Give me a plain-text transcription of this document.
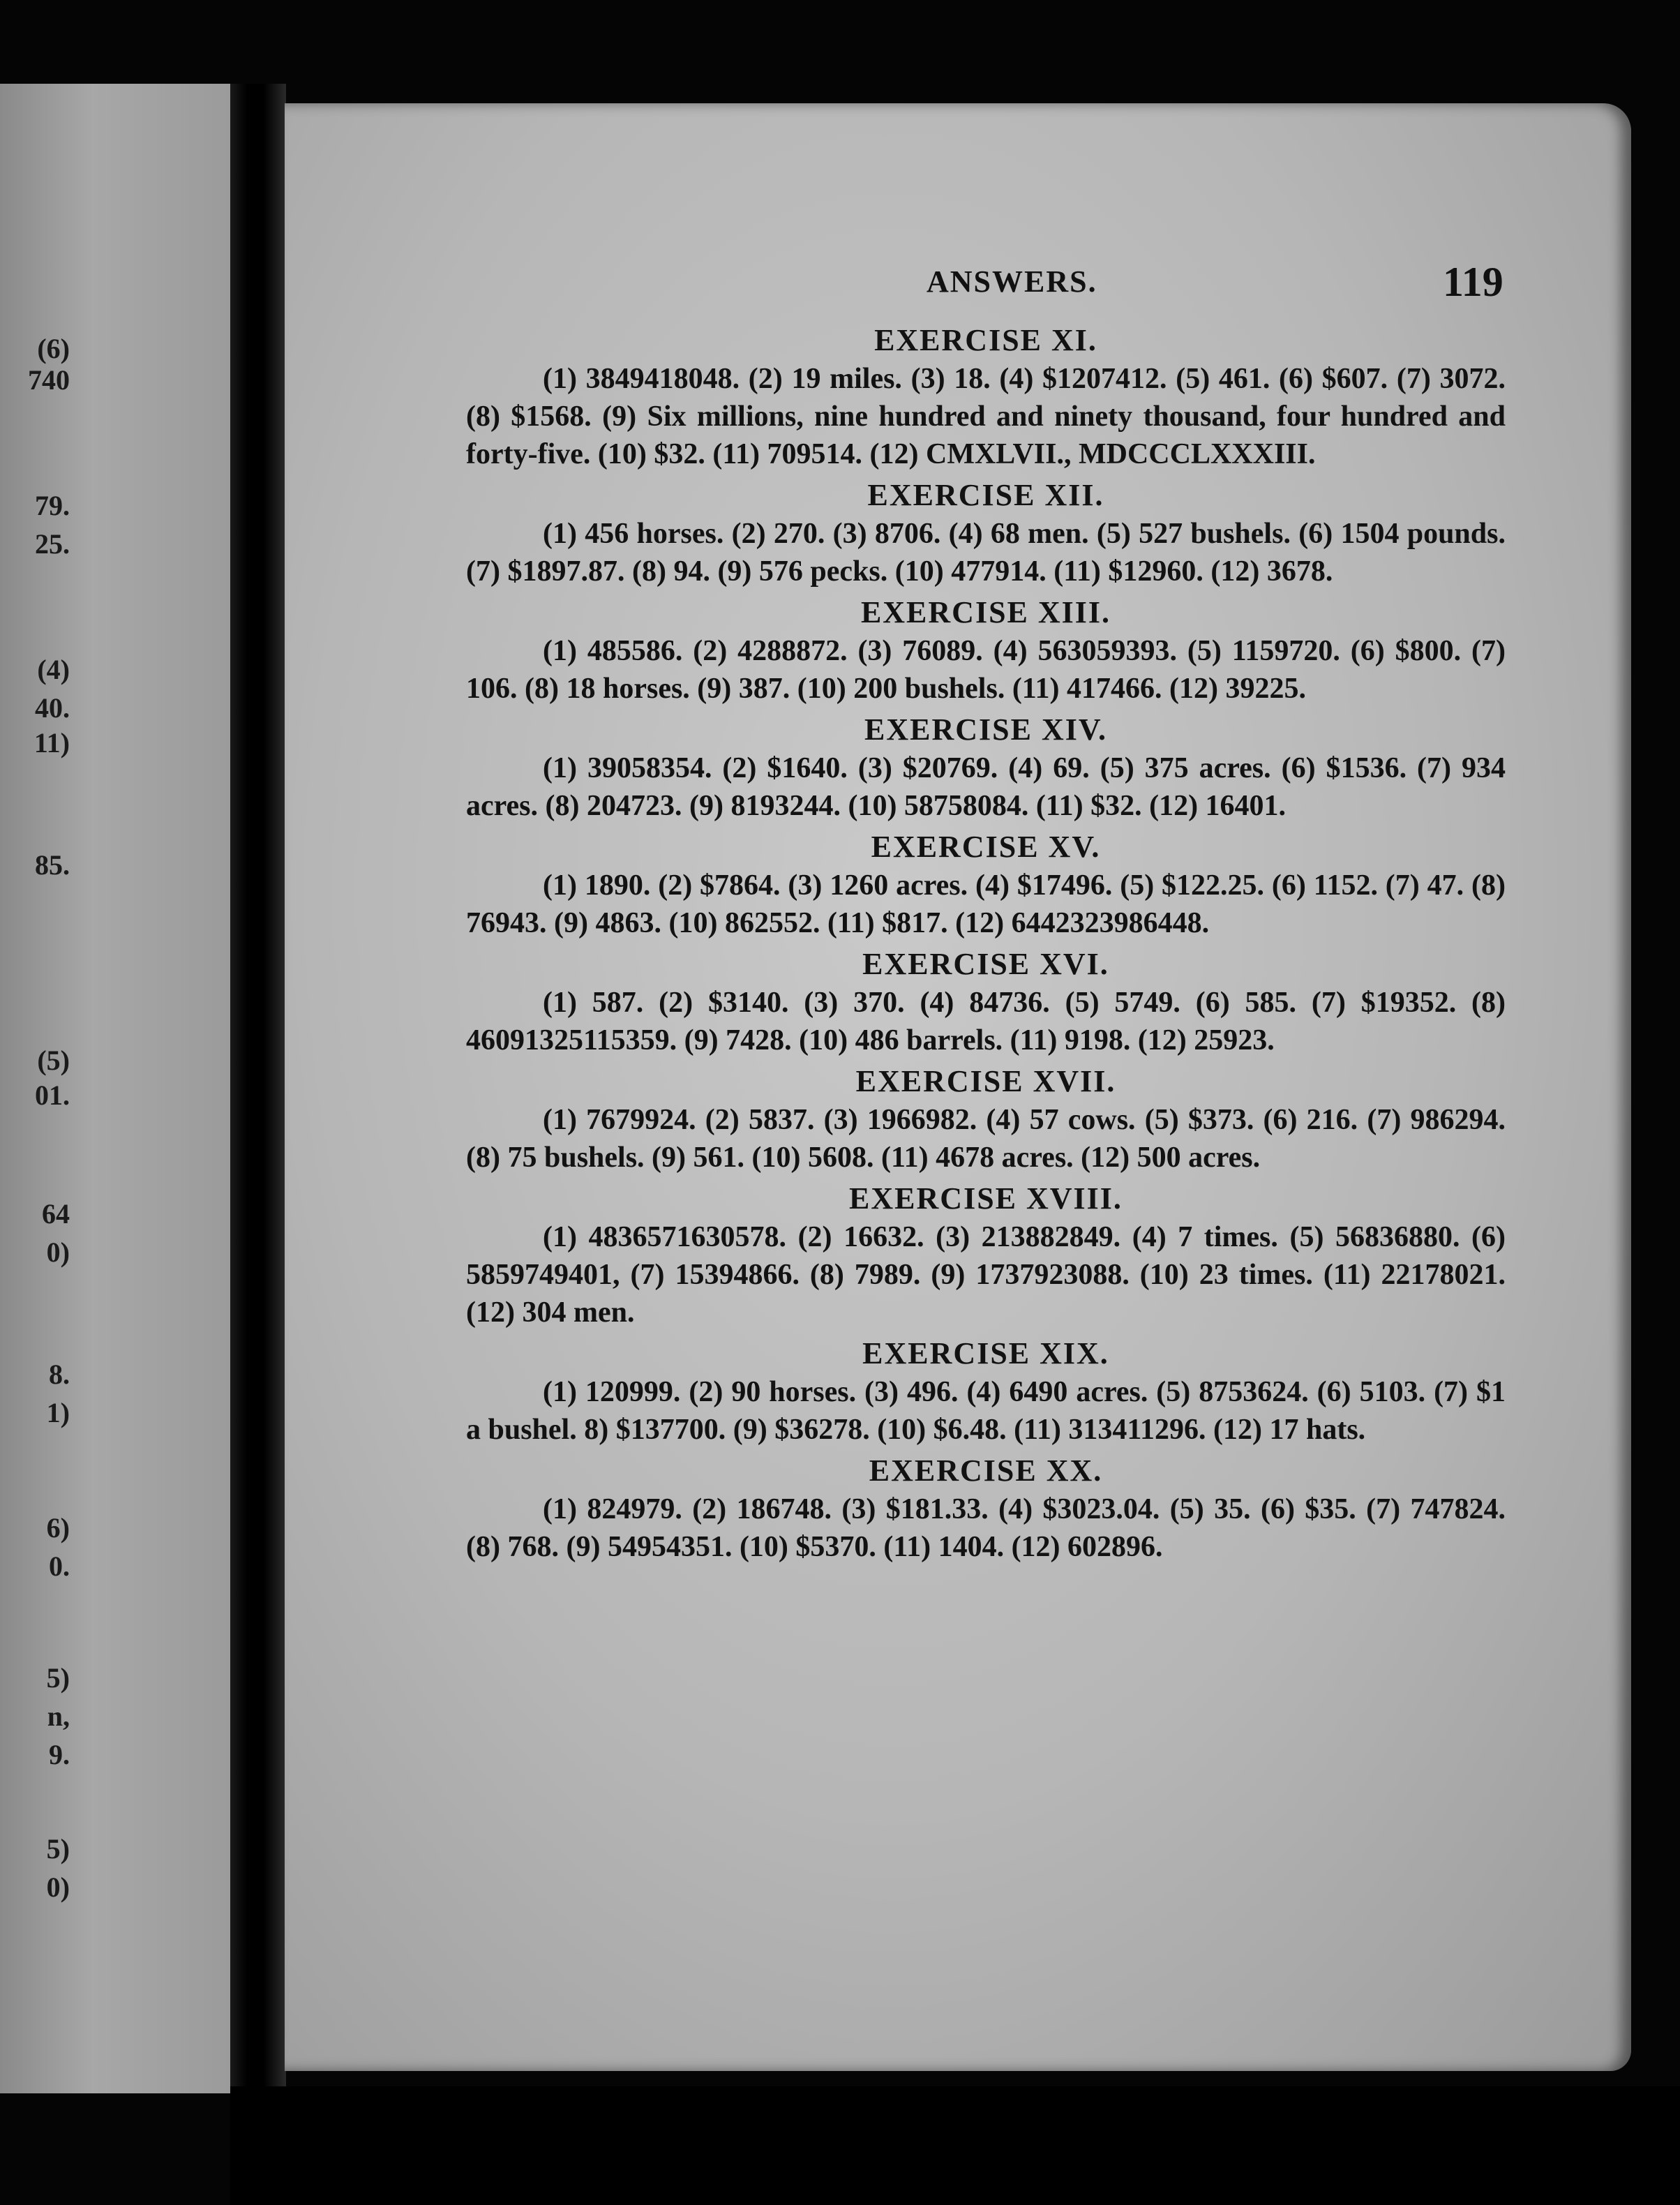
(6)
740
79.
25.
(4)
40.
11)
85.
(5)
01.
64
0)
8.
1)
6)
0.
5)
n,
9.
5)
0)
ANSWERS.	119

EXERCISE XI.

(1) 3849418048. (2) 19 miles. (3) 18. (4) $1207412. (5) 461. (6) $607. (7) 3072. (8) $1568. (9) Six millions, nine hundred and ninety thousand, four hundred and forty-five. (10) $32. (11) 709514. (12) CMXLVII., MDCCCLXXXIII.

EXERCISE XII.

(1) 456 horses. (2) 270. (3) 8706. (4) 68 men. (5) 527 bushels. (6) 1504 pounds. (7) $1897.87. (8) 94. (9) 576 pecks. (10) 477914. (11) $12960. (12) 3678.

EXERCISE XIII.

(1) 485586. (2) 4288872. (3) 76089. (4) 563059393. (5) 1159720. (6) $800. (7) 106. (8) 18 horses. (9) 387. (10) 200 bushels. (11) 417466. (12) 39225.

EXERCISE XIV.

(1) 39058354. (2) $1640. (3) $20769. (4) 69. (5) 375 acres. (6) $1536. (7) 934 acres. (8) 204723. (9) 8193244. (10) 58758084. (11) $32. (12) 16401.

EXERCISE XV.

(1) 1890. (2) $7864. (3) 1260 acres. (4) $17496. (5) $122.25. (6) 1152. (7) 47. (8) 76943. (9) 4863. (10) 862552. (11) $817. (12) 6442323986448.

EXERCISE XVI.

(1) 587. (2) $3140. (3) 370. (4) 84736. (5) 5749. (6) 585. (7) $19352. (8) 46091325115359. (9) 7428. (10) 486 barrels. (11) 9198. (12) 25923.

EXERCISE XVII.

(1) 7679924. (2) 5837. (3) 1966982. (4) 57 cows. (5) $373. (6) 216. (7) 986294. (8) 75 bushels. (9) 561. (10) 5608. (11) 4678 acres. (12) 500 acres.

EXERCISE XVIII.

(1) 4836571630578. (2) 16632. (3) 213882849. (4) 7 times. (5) 56836880. (6) 5859749401, (7) 15394866. (8) 7989. (9) 1737923088. (10) 23 times. (11) 22178021. (12) 304 men.

EXERCISE XIX.

(1) 120999. (2) 90 horses. (3) 496. (4) 6490 acres. (5) 8753624. (6) 5103. (7) $1 a bushel. 8) $137700. (9) $36278. (10) $6.48. (11) 313411296. (12) 17 hats.

EXERCISE XX.

(1) 824979. (2) 186748. (3) $181.33. (4) $3023.04. (5) 35. (6) $35. (7) 747824. (8) 768. (9) 54954351. (10) $5370. (11) 1404. (12) 602896.
